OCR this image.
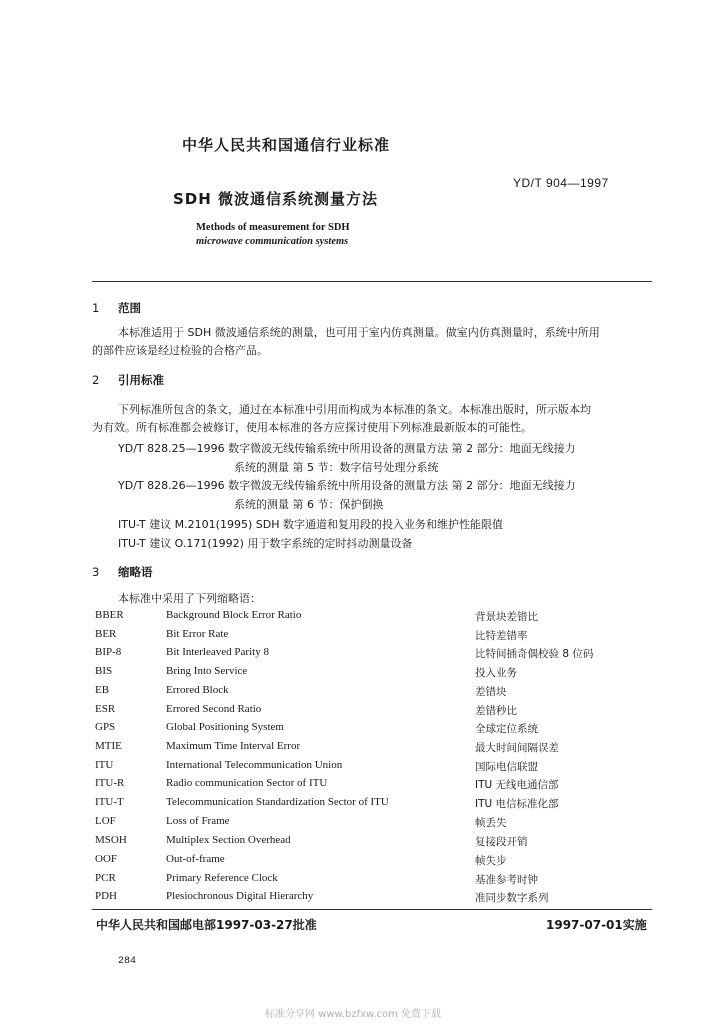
中华人民共和国通信行业标准
YD/T 904—1997
SDH 微波通信系统测量方法
Methods of measurement for SDH
microwave communication systems
1 范围
本标准适用于 SDH 微波通信系统的测量，也可用于室内仿真测量。做室内仿真测量时，系统中所用
的部件应该是经过检验的合格产品。
2 引用标准
下列标准所包含的条文，通过在本标准中引用而构成为本标准的条文。本标准出版时，所示版本均
为有效。所有标准都会被修订，使用本标准的各方应探讨使用下列标准最新版本的可能性。
YD/T 828.25—1996 数字微波无线传输系统中所用设备的测量方法 第 2 部分：地面无线接力
系统的测量 第 5 节：数字信号处理分系统
YD/T 828.26—1996 数字微波无线传输系统中所用设备的测量方法 第 2 部分：地面无线接力
系统的测量 第 6 节：保护倒换
ITU-T 建议 M.2101(1995) SDH 数字通道和复用段的投入业务和维护性能限值
ITU-T 建议 O.171(1992) 用于数字系统的定时抖动测量设备
3 缩略语
本标准中采用了下列缩略语：
BBER	Background Block Error Ratio	背景块差错比
BER	Bit Error Rate	比特差错率
BIP-8	Bit Interleaved Parity 8	比特间插奇偶校验 8 位码
BIS	Bring Into Service	投入业务
EB	Errored Block	差错块
ESR	Errored Second Ratio	差错秒比
GPS	Global Positioning System	全球定位系统
MTIE	Maximum Time Interval Error	最大时间间隔误差
ITU	International Telecommunication Union	国际电信联盟
ITU-R	Radio communication Sector of ITU	ITU 无线电通信部
ITU-T	Telecommunication Standardization Sector of ITU	ITU 电信标准化部
LOF	Loss of Frame	帧丢失
MSOH	Multiplex Section Overhead	复接段开销
OOF	Out-of-frame	帧失步
PCR	Primary Reference Clock	基准参考时钟
PDH	Plesiochronous Digital Hierarchy	准同步数字系列
中华人民共和国邮电部1997-03-27批准	1997-07-01实施
284
标准分享网 www.bzfxw.com 免费下载
